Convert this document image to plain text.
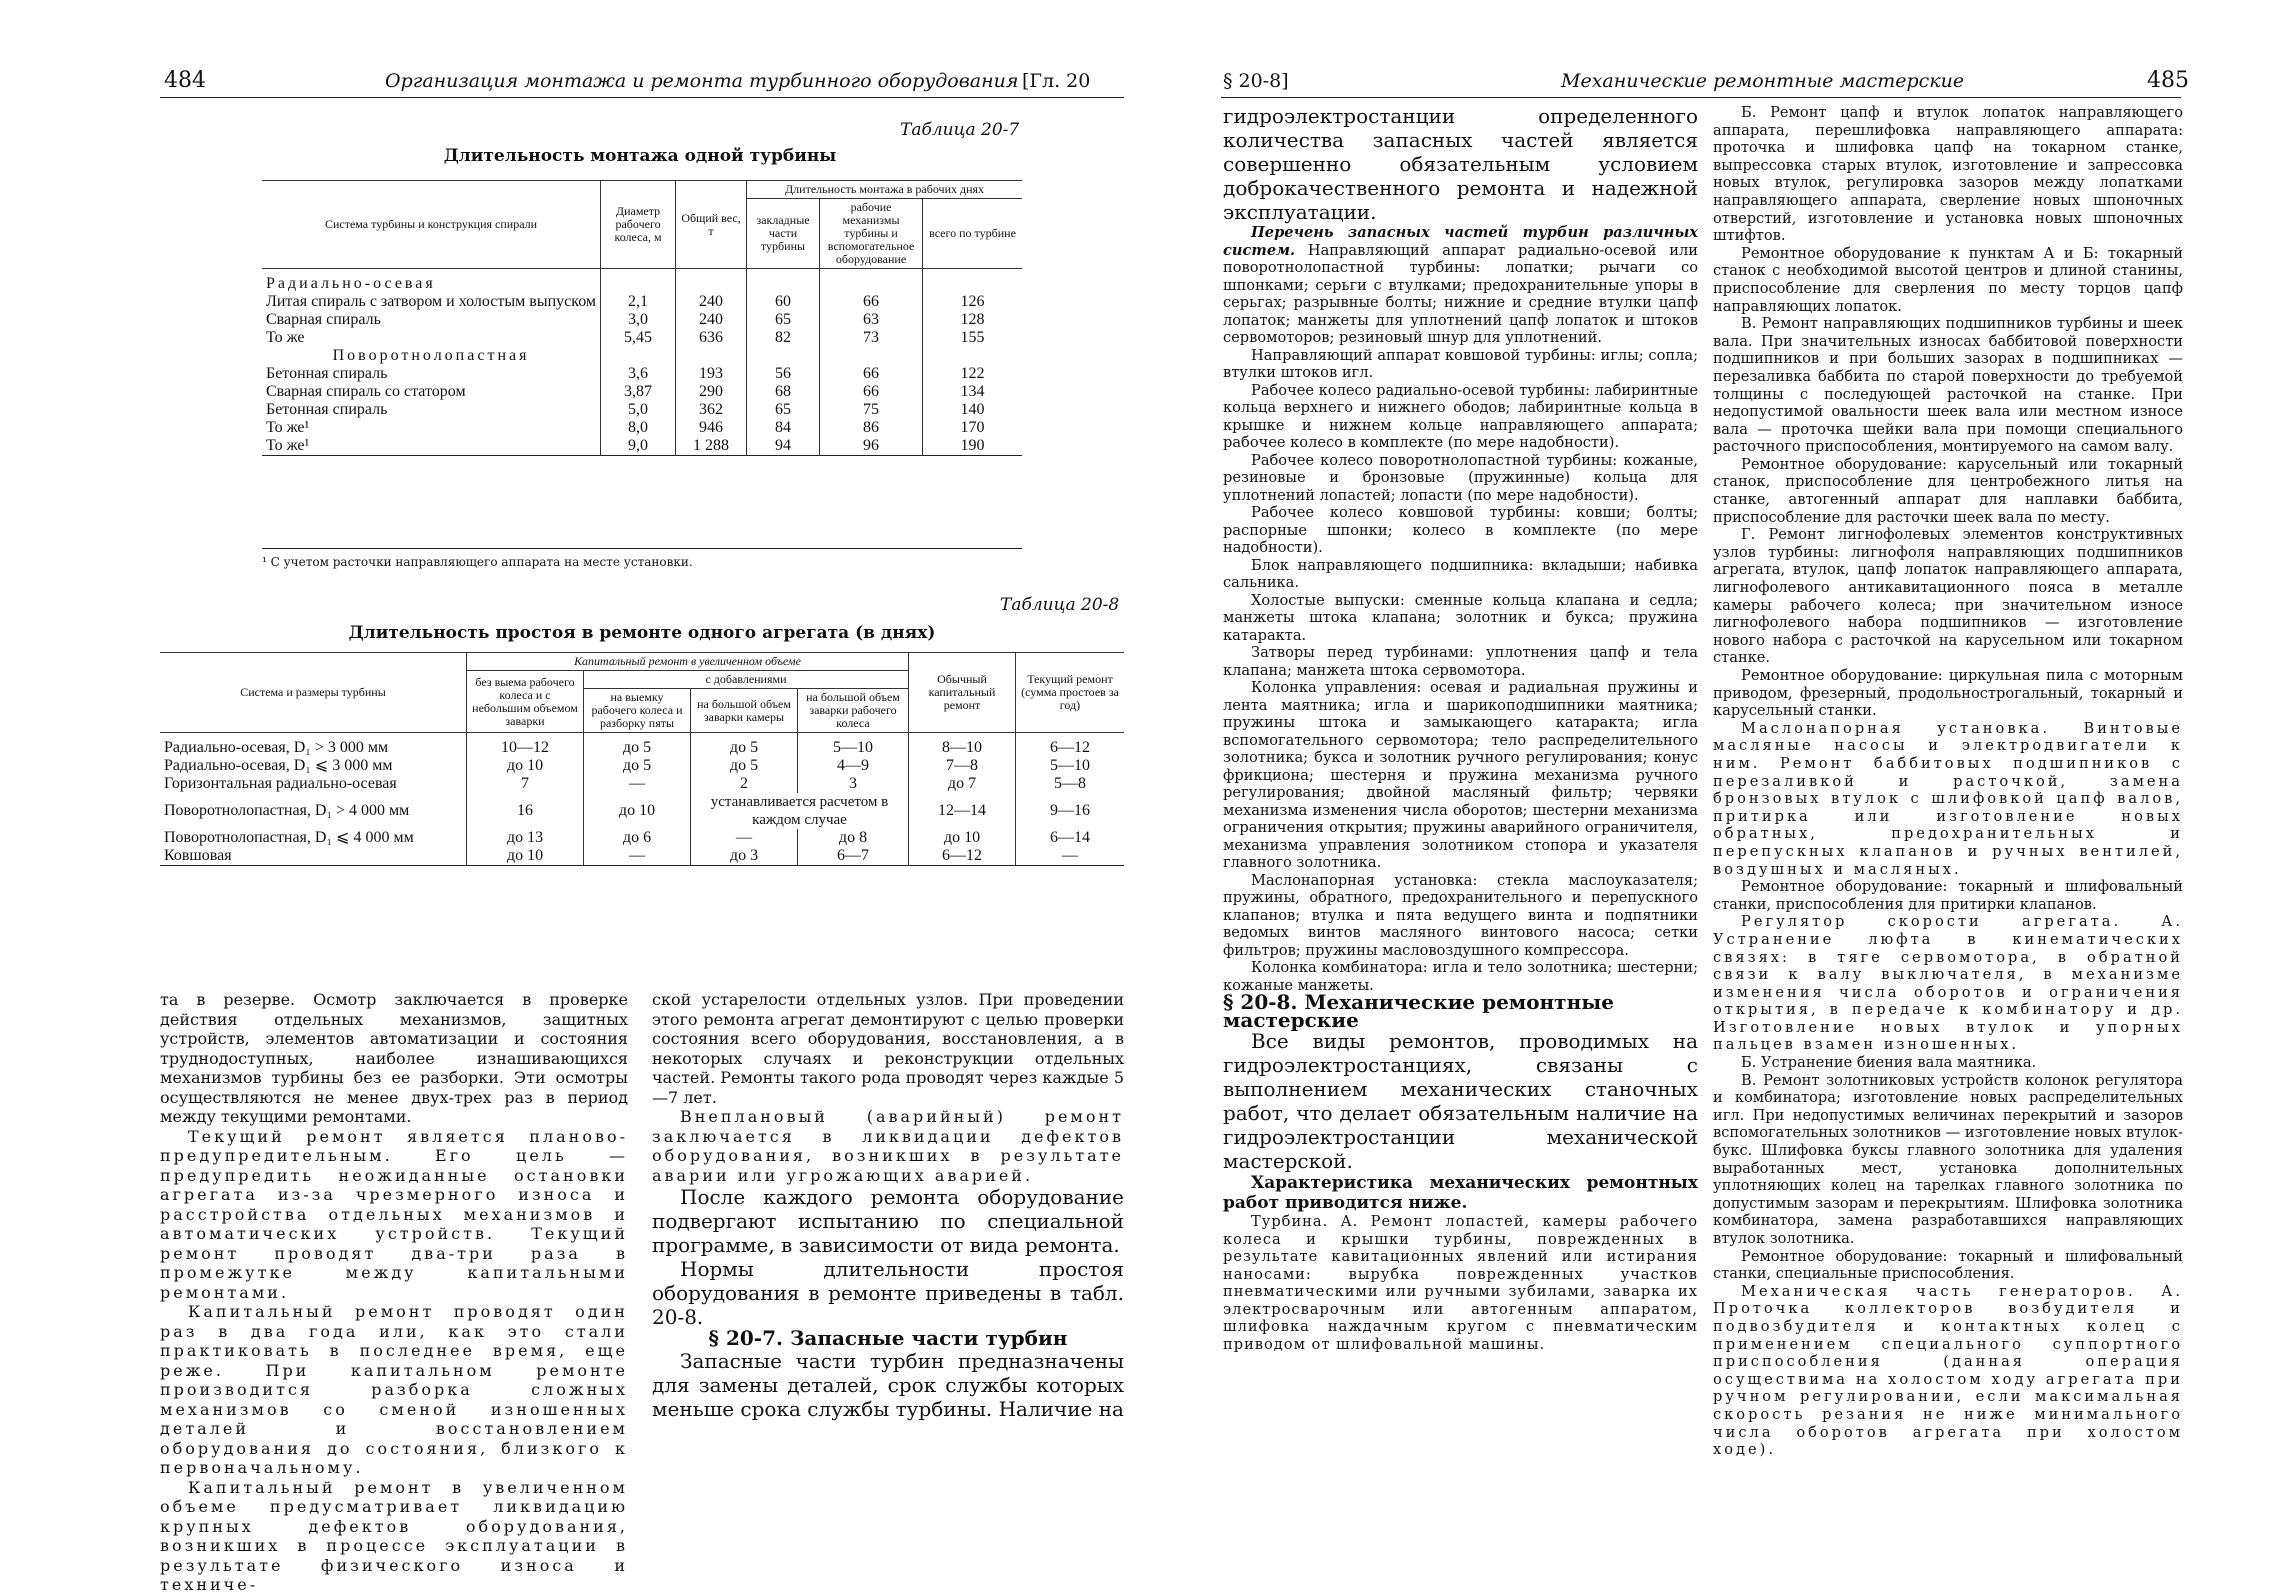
484	Организация монтажа и ремонта турбинного оборудования [Гл. 20
Таблица 20-7
Длительность монтажа одной турбины
Система турбины и конструкция спирали	Диаметр рабочего колеса, м	Общий вес, т	Длительность монтажа в рабочих днях		
			закладные части турбины	рабочие механизмы турбины и вспомогательное оборудование	всего по турбине
Радиально-осевая					
Литая спираль с затвором и холостым выпуском	2,1	240	60	66	126
Сварная спираль	3,0	240	65	63	128
То же	5,45	636	82	73	155
Поворотнолопастная					
Бетонная спираль	3,6	193	56	66	122
Сварная спираль со статором	3,87	290	68	66	134
Бетонная спираль	5,0	362	65	75	140
То же¹	8,0	946	84	86	170
То же¹	9,0	1 288	94	96	190
¹ С учетом расточки направляющего аппарата на месте установки.
Таблица 20-8
Длительность простоя в ремонте одного агрегата (в днях)
Система и размеры турбины	Капитальный ремонт в увеличенном объеме				Обычный капитальный ремонт	Текущий ремонт (сумма простоев за год)
	без выема рабочего колеса и с небольшим объемом заварки	с добавлениями				
		на выемку рабочего колеса и разборку пяты	на большой объем заварки камеры	на большой объем заварки рабочего колеса		
Радиально-осевая, D₁ > 3 000 мм	10—12	до 5	до 5	5—10	8—10	6—12
Радиально-осевая, D₁ ⩽ 3 000 мм	до 10	до 5	до 5	4—9	7—8	5—10
Горизонтальная радиально-осевая	7	—	2	3	до 7	5—8
Поворотнолопастная, D₁ > 4 000 мм	16	до 10	устанавливается расчетом в каждом случае		12—14	9—16
Поворотнолопастная, D₁ ⩽ 4 000 мм	до 13	до 6	—	до 8	до 10	6—14
Ковшовая	до 10	—	до 3	6—7	6—12	—

та в резерве. Осмотр заключается в проверке действия отдельных механизмов, защитных устройств, элементов автоматизации и состояния труднодоступных, наиболее изнашивающихся механизмов турбины без ее разборки. Эти осмотры осуществляются не менее двух-трех раз в период между текущими ремонтами.

Текущий ремонт является планово-предупредительным. Его цель — предупредить неожиданные остановки агрегата из-за чрезмерного износа и расстройства отдельных механизмов и автоматических устройств. Текущий ремонт проводят два-три раза в промежутке между капитальными ремонтами.

Капитальный ремонт проводят один раз в два года или, как это стали практиковать в последнее время, еще реже. При капитальном ремонте производится разборка сложных механизмов со сменой изношенных деталей и восстановлением оборудования до состояния, близкого к первоначальному.

Капитальный ремонт в увеличенном объеме предусматривает ликвидацию крупных дефектов оборудования, возникших в процессе эксплуатации в результате физического износа и техниче-

ской устарелости отдельных узлов. При проведении этого ремонта агрегат демонтируют с целью проверки состояния всего оборудования, восстановления, а в некоторых случаях и реконструкции отдельных частей. Ремонты такого рода проводят через каждые 5—7 лет.

Внеплановый (аварийный) ремонт заключается в ликвидации дефектов оборудования, возникших в результате аварии или угрожающих аварией.

После каждого ремонта оборудование подвергают испытанию по специальной программе, в зависимости от вида ремонта.

Нормы длительности простоя оборудования в ремонте приведены в табл. 20-8.

§ 20-7. Запасные части турбин

Запасные части турбин предназначены для замены деталей, срок службы которых меньше срока службы турбины. Наличие на

§ 20-8]	Механические ремонтные мастерские	485

гидроэлектростанции определенного количества запасных частей является совершенно обязательным условием доброкачественного ремонта и надежной эксплуатации.

Перечень запасных частей турбин различных систем. Направляющий аппарат радиально-осевой или поворотнолопастной турбины: лопатки; рычаги со шпонками; серьги с втулками; предохранительные упоры в серьгах; разрывные болты; нижние и средние втулки цапф лопаток; манжеты для уплотнений цапф лопаток и штоков сервомоторов; резиновый шнур для уплотнений.

Направляющий аппарат ковшовой турбины: иглы; сопла; втулки штоков игл.

Рабочее колесо радиально-осевой турбины: лабиринтные кольца верхнего и нижнего ободов; лабиринтные кольца в крышке и нижнем кольце направляющего аппарата; рабочее колесо в комплекте (по мере надобности).

Рабочее колесо поворотнолопастной турбины: кожаные, резиновые и бронзовые (пружинные) кольца для уплотнений лопастей; лопасти (по мере надобности).

Рабочее колесо ковшовой турбины: ковши; болты; распорные шпонки; колесо в комплекте (по мере надобности).

Блок направляющего подшипника: вкладыши; набивка сальника.

Холостые выпуски: сменные кольца клапана и седла; манжеты штока клапана; золотник и букса; пружина катаракта.

Затворы перед турбинами: уплотнения цапф и тела клапана; манжета штока сервомотора.

Колонка управления: осевая и радиальная пружины и лента маятника; игла и шарикоподшипники маятника; пружины штока и замыкающего катаракта; игла вспомогательного сервомотора; тело распределительного золотника; букса и золотник ручного регулирования; конус фрикциона; шестерня и пружина механизма ручного регулирования; двойной масляный фильтр; червяки механизма изменения числа оборотов; шестерни механизма ограничения открытия; пружины аварийного ограничителя, механизма управления золотником стопора и указателя главного золотника.

Маслонапорная установка: стекла маслоуказателя; пружины, обратного, предохранительного и перепускного клапанов; втулка и пята ведущего винта и подпятники ведомых винтов масляного винтового насоса; сетки фильтров; пружины масловоздушного компрессора.

Колонка комбинатора: игла и тело золотника; шестерни; кожаные манжеты.

§ 20-8. Механические ремонтные мастерские

Все виды ремонтов, проводимых на гидроэлектростанциях, связаны с выполнением механических станочных работ, что делает обязательным наличие на гидроэлектростанции механической мастерской.

Характеристика механических ремонтных работ приводится ниже.

Турбина. А. Ремонт лопастей, камеры рабочего колеса и крышки турбины, поврежденных в результате кавитационных явлений или истирания наносами: вырубка поврежденных участков пневматическими или ручными зубилами, заварка их электросварочным или автогенным аппаратом, шлифовка наждачным кругом с пневматическим приводом от шлифовальной машины.

Б. Ремонт цапф и втулок лопаток направляющего аппарата, перешлифовка направляющего аппарата: проточка и шлифовка цапф на токарном станке, выпрессовка старых втулок, изготовление и запрессовка новых втулок, регулировка зазоров между лопатками направляющего аппарата, сверление новых шпоночных отверстий, изготовление и установка новых шпоночных штифтов.

Ремонтное оборудование к пунктам А и Б: токарный станок с необходимой высотой центров и длиной станины, приспособление для сверления по месту торцов цапф направляющих лопаток.

В. Ремонт направляющих подшипников турбины и шеек вала. При значительных износах баббитовой поверхности подшипников и при больших зазорах в подшипниках — перезаливка баббита по старой поверхности до требуемой толщины с последующей расточкой на станке. При недопустимой овальности шеек вала или местном износе вала — проточка шейки вала при помощи специального расточного приспособления, монтируемого на самом валу.

Ремонтное оборудование: карусельный или токарный станок, приспособление для центробежного литья на станке, автогенный аппарат для наплавки баббита, приспособление для расточки шеек вала по месту.

Г. Ремонт лигнофолевых элементов конструктивных узлов турбины: лигнофоля направляющих подшипников агрегата, втулок, цапф лопаток направляющего аппарата, лигнофолевого антикавитационного пояса в металле камеры рабочего колеса; при значительном износе лигнофолевого набора подшипников — изготовление нового набора с расточкой на карусельном или токарном станке.

Ремонтное оборудование: циркульная пила с моторным приводом, фрезерный, продольнострогальный, токарный и карусельный станки.

Маслонапорная установка. Винтовые масляные насосы и электродвигатели к ним. Ремонт баббитовых подшипников с перезаливкой и расточкой, замена бронзовых втулок с шлифовкой цапф валов, притирка или изготовление новых обратных, предохранительных и перепускных клапанов и ручных вентилей, воздушных и масляных.

Ремонтное оборудование: токарный и шлифовальный станки, приспособления для притирки клапанов.

Регулятор скорости агрегата. А. Устранение люфта в кинематических связях: в тяге сервомотора, в обратной связи к валу выключателя, в механизме изменения числа оборотов и ограничения открытия, в передаче к комбинатору и др. Изготовление новых втулок и упорных пальцев взамен изношенных.

Б. Устранение биения вала маятника.

В. Ремонт золотниковых устройств колонок регулятора и комбинатора; изготовление новых распределительных игл. При недопустимых величинах перекрытий и зазоров вспомогательных золотников — изготовление новых втулок-букс. Шлифовка буксы главного золотника для удаления выработанных мест, установка дополнительных уплотняющих колец на тарелках главного золотника по допустимым зазорам и перекрытиям. Шлифовка золотника комбинатора, замена разработавшихся направляющих втулок золотника.

Ремонтное оборудование: токарный и шлифовальный станки, специальные приспособления.

Механическая часть генераторов. А. Проточка коллекторов возбудителя и подвозбудителя и контактных колец с применением специального суппортного приспособления (данная операция осуществима на холостом ходу агрегата при ручном регулировании, если максимальная скорость резания не ниже минимального числа оборотов агрегата при холостом ходе).
